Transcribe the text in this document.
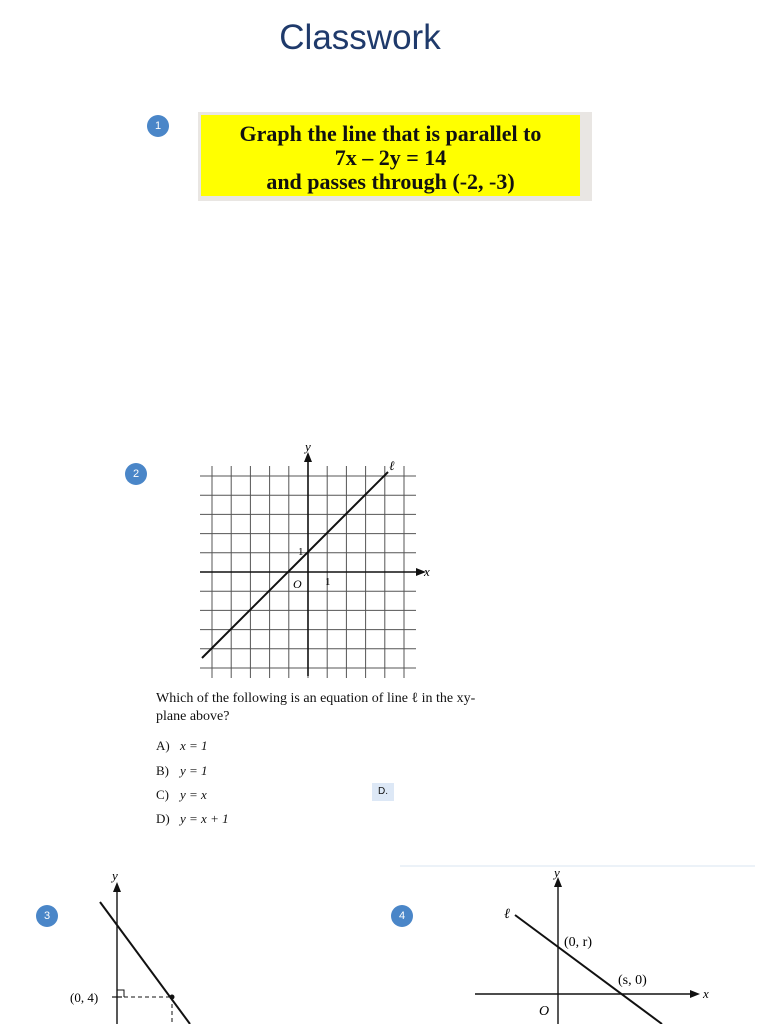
Classwork
1	Graph the line that is parallel to
7x – 2y = 14
and passes through (-2, -3)
2
y
x
ℓ
O 1
1
Which of the following is an equation of line ℓ in the xy-plane above?
A) x = 1
B) y = 1
C) y = x
D) y = x + 1
D.
3
y
(0, 4)
4
y
x
ℓ
O
(0, r)
(s, 0)
